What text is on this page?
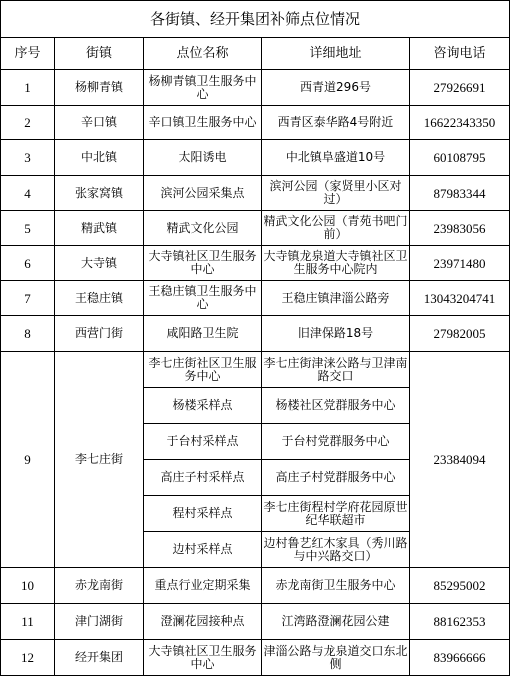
各街镇、经开集团补筛点位情况				
序号	街镇	点位名称	详细地址	咨询电话
1	杨柳青镇	杨柳青镇卫生服务中心	西青道296号	27926691
2	辛口镇	辛口镇卫生服务中心	西青区泰华路4号附近	16622343350
3	中北镇	太阳诱电	中北镇阜盛道10号	60108795
4	张家窝镇	滨河公园采集点	滨河公园（家贤里小区对过）	87983344
5	精武镇	精武文化公园	精武文化公园（青苑书吧门前）	23983056
6	大寺镇	大寺镇社区卫生服务中心	大寺镇龙泉道大寺镇社区卫生服务中心院内	23971480
7	王稳庄镇	王稳庄镇卫生服务中心	王稳庄镇津淄公路旁	13043204741
8	西营门街	咸阳路卫生院	旧津保路18号	27982005
9	李七庄街	李七庄街社区卫生服务中心	李七庄街津涞公路与卫津南路交口	23384094
		杨楼采样点	杨楼社区党群服务中心	
		于台村采样点	于台村党群服务中心	
		高庄子村采样点	高庄子村党群服务中心	
		程村采样点	李七庄街程村学府花园原世纪华联超市	
		边村采样点	边村鲁艺红木家具（秀川路与中兴路交口）	
10	赤龙南街	重点行业定期采集	赤龙南街卫生服务中心	85295002
11	津门湖街	澄澜花园接种点	江湾路澄澜花园公建	88162353
12	经开集团	大寺镇社区卫生服务中心	津淄公路与龙泉道交口东北侧	83966666
